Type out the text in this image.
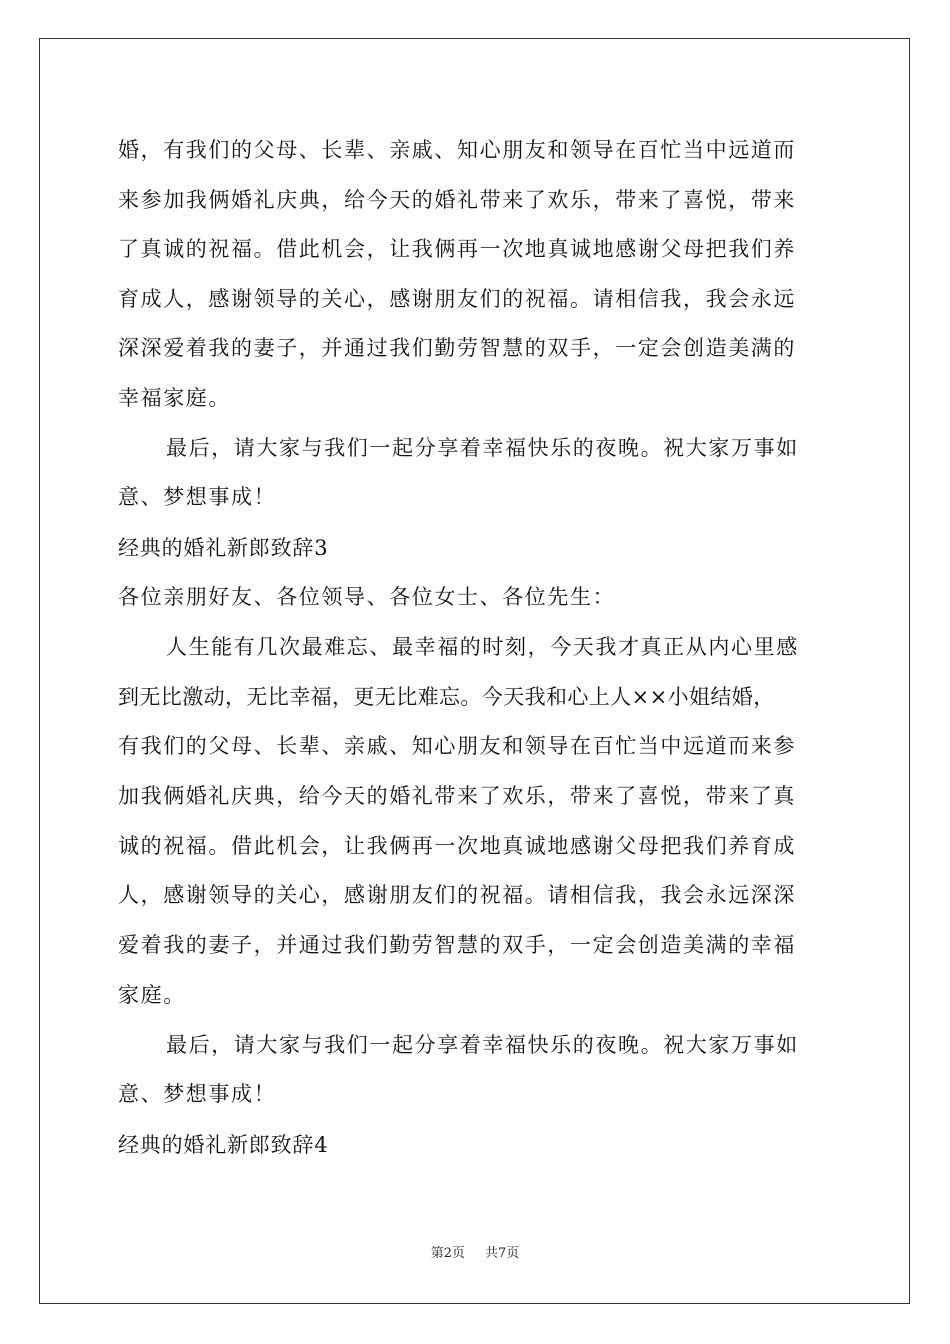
婚，有我们的父母、长辈、亲戚、知心朋友和领导在百忙当中远道而
来参加我俩婚礼庆典，给今天的婚礼带来了欢乐，带来了喜悦，带来
了真诚的祝福。借此机会，让我俩再一次地真诚地感谢父母把我们养
育成人，感谢领导的关心，感谢朋友们的祝福。请相信我，我会永远
深深爱着我的妻子，并通过我们勤劳智慧的双手，一定会创造美满的
幸福家庭。
最后，请大家与我们一起分享着幸福快乐的夜晚。祝大家万事如
意、梦想事成！
经典的婚礼新郎致辞3
各位亲朋好友、各位领导、各位女士、各位先生：
人生能有几次最难忘、最幸福的时刻，今天我才真正从内心里感
到无比激动，无比幸福，更无比难忘。今天我和心上人××小姐结婚，
有我们的父母、长辈、亲戚、知心朋友和领导在百忙当中远道而来参
加我俩婚礼庆典，给今天的婚礼带来了欢乐，带来了喜悦，带来了真
诚的祝福。借此机会，让我俩再一次地真诚地感谢父母把我们养育成
人，感谢领导的关心，感谢朋友们的祝福。请相信我，我会永远深深
爱着我的妻子，并通过我们勤劳智慧的双手，一定会创造美满的幸福
家庭。
最后，请大家与我们一起分享着幸福快乐的夜晚。祝大家万事如
意、梦想事成！
经典的婚礼新郎致辞4
第2页 共7页
